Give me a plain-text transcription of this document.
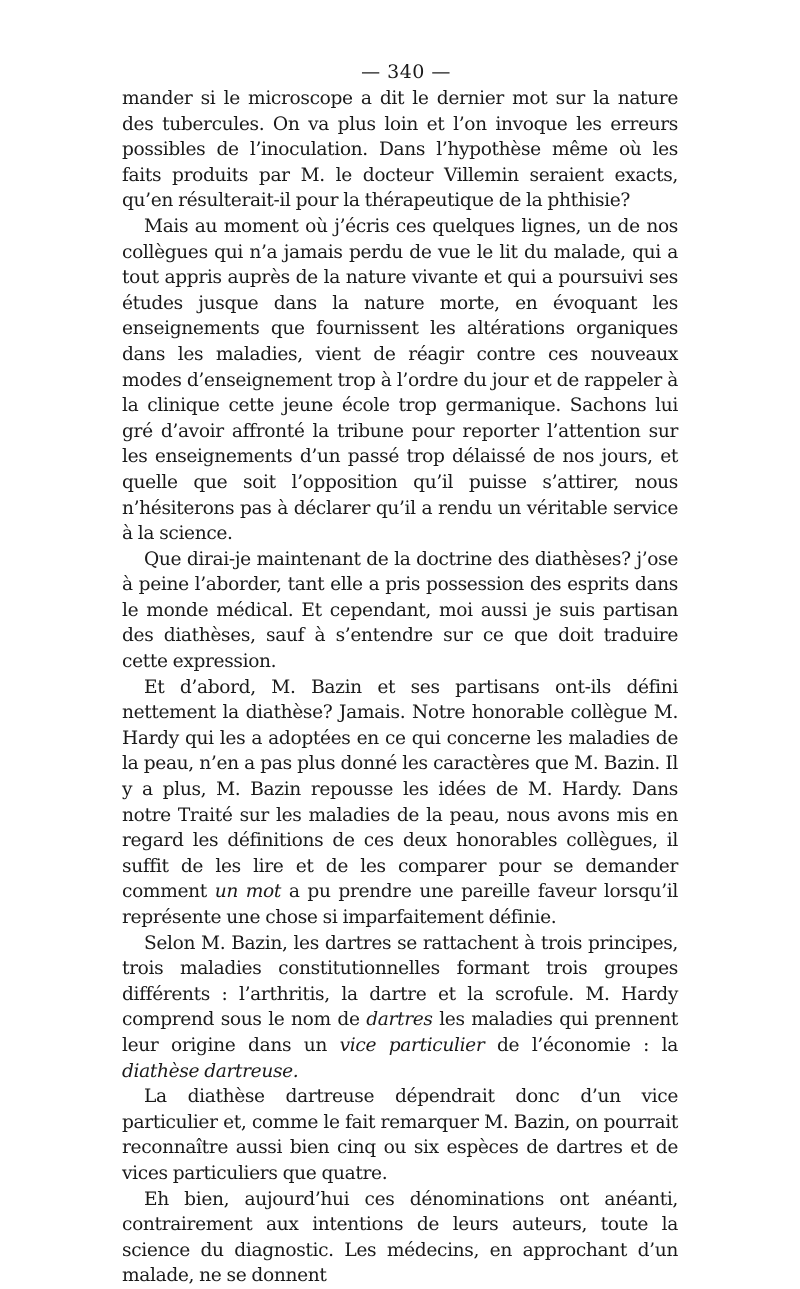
— 340 —

mander si le microscope a dit le dernier mot sur la nature des tubercules. On va plus loin et l’on invoque les erreurs possibles de l’inoculation. Dans l’hypothèse même où les faits produits par M. le docteur Villemin seraient exacts, qu’en résulterait-il pour la thérapeutique de la phthisie?

Mais au moment où j’écris ces quelques lignes, un de nos collègues qui n’a jamais perdu de vue le lit du malade, qui a tout appris auprès de la nature vivante et qui a poursuivi ses études jusque dans la nature morte, en évoquant les enseignements que fournissent les altérations organiques dans les maladies, vient de réagir contre ces nouveaux modes d’enseignement trop à l’ordre du jour et de rappeler à la clinique cette jeune école trop germanique. Sachons lui gré d’avoir affronté la tribune pour reporter l’attention sur les enseignements d’un passé trop délaissé de nos jours, et quelle que soit l’opposition qu’il puisse s’attirer, nous n’hésiterons pas à déclarer qu’il a rendu un véritable service à la science.

Que dirai-je maintenant de la doctrine des diathèses? j’ose à peine l’aborder, tant elle a pris possession des esprits dans le monde médical. Et cependant, moi aussi je suis partisan des diathèses, sauf à s’entendre sur ce que doit traduire cette expression.

Et d’abord, M. Bazin et ses partisans ont-ils défini nettement la diathèse? Jamais. Notre honorable collègue M. Hardy qui les a adoptées en ce qui concerne les maladies de la peau, n’en a pas plus donné les caractères que M. Bazin. Il y a plus, M. Bazin repousse les idées de M. Hardy. Dans notre Traité sur les maladies de la peau, nous avons mis en regard les définitions de ces deux honorables collègues, il suffit de les lire et de les comparer pour se demander comment un mot a pu prendre une pareille faveur lorsqu’il représente une chose si imparfaitement définie.

Selon M. Bazin, les dartres se rattachent à trois principes, trois maladies constitutionnelles formant trois groupes différents : l’arthritis, la dartre et la scrofule. M. Hardy comprend sous le nom de dartres les maladies qui prennent leur origine dans un vice particulier de l’économie : la diathèse dartreuse.

La diathèse dartreuse dépendrait donc d’un vice particulier et, comme le fait remarquer M. Bazin, on pourrait reconnaître aussi bien cinq ou six espèces de dartres et de vices particuliers que quatre.

Eh bien, aujourd’hui ces dénominations ont anéanti, contrairement aux intentions de leurs auteurs, toute la science du diagnostic. Les médecins, en approchant d’un malade, ne se donnent
